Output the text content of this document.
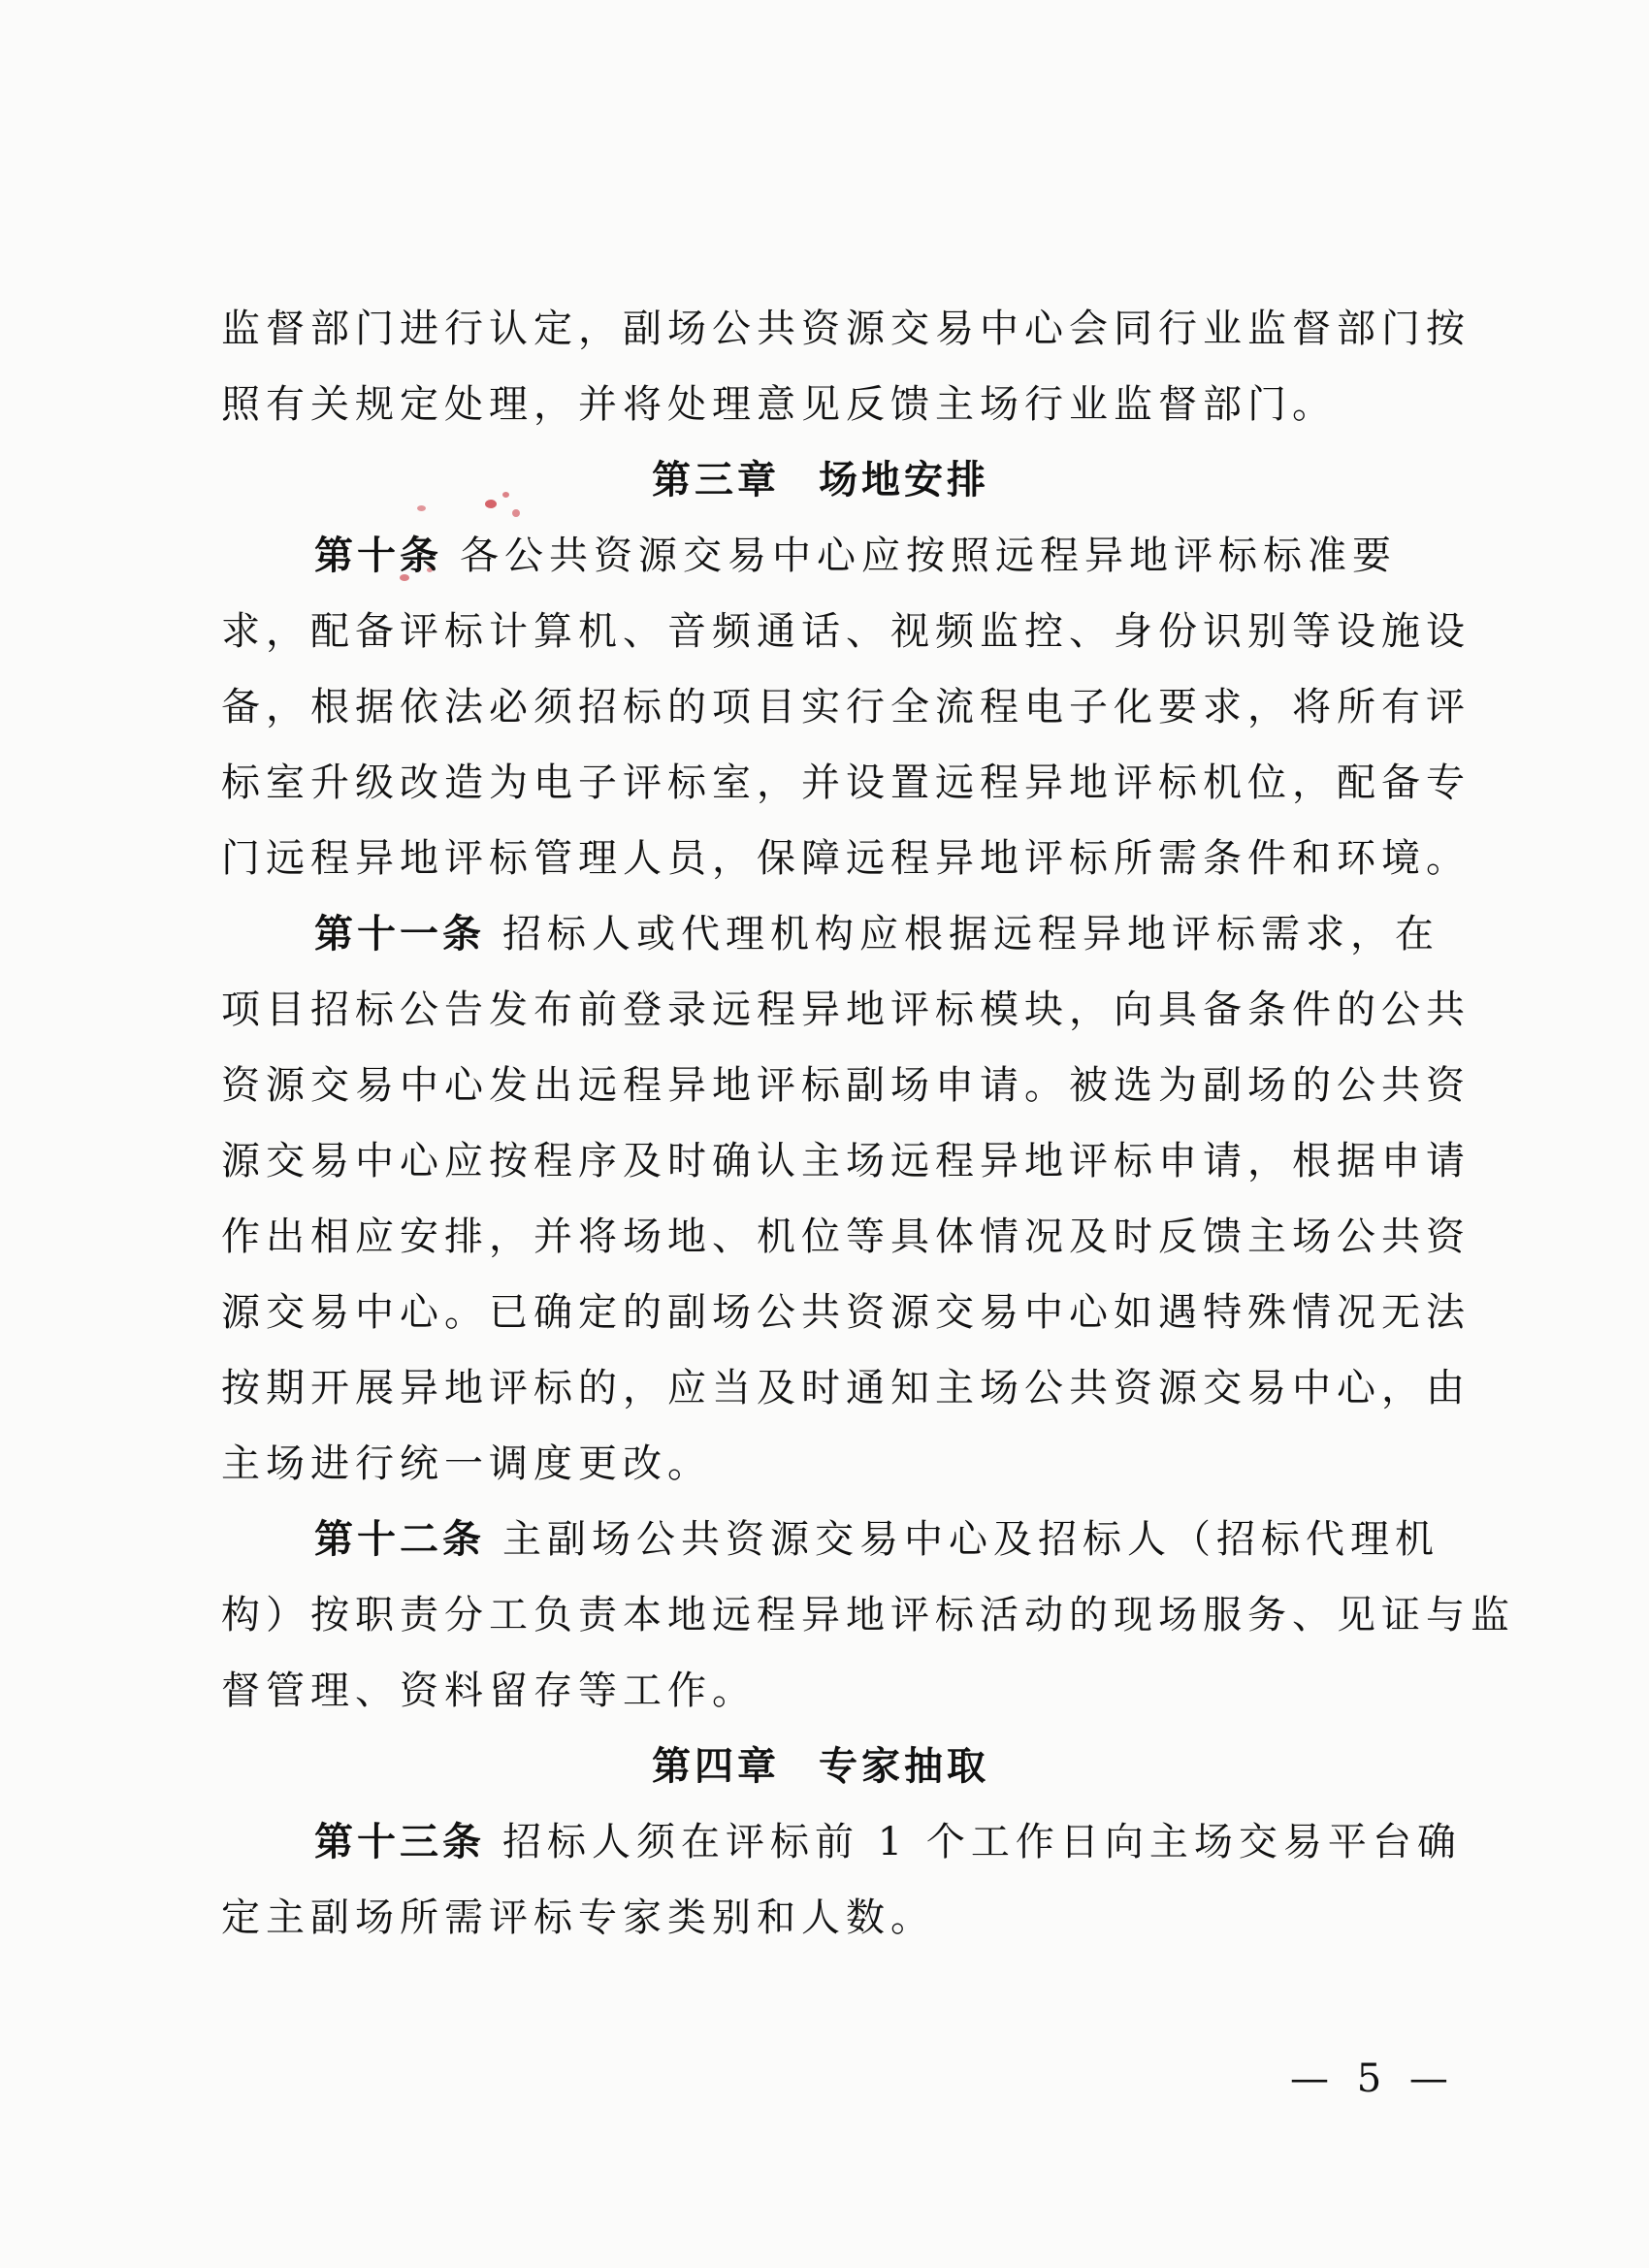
监督部门进行认定，副场公共资源交易中心会同行业监督部门按
照有关规定处理，并将处理意见反馈主场行业监督部门。
第三章 场地安排
第十条 各公共资源交易中心应按照远程异地评标标准要
求，配备评标计算机、音频通话、视频监控、身份识别等设施设
备，根据依法必须招标的项目实行全流程电子化要求，将所有评
标室升级改造为电子评标室，并设置远程异地评标机位，配备专
门远程异地评标管理人员，保障远程异地评标所需条件和环境。
第十一条 招标人或代理机构应根据远程异地评标需求，在
项目招标公告发布前登录远程异地评标模块，向具备条件的公共
资源交易中心发出远程异地评标副场申请。被选为副场的公共资
源交易中心应按程序及时确认主场远程异地评标申请，根据申请
作出相应安排，并将场地、机位等具体情况及时反馈主场公共资
源交易中心。已确定的副场公共资源交易中心如遇特殊情况无法
按期开展异地评标的，应当及时通知主场公共资源交易中心，由
主场进行统一调度更改。
第十二条 主副场公共资源交易中心及招标人（招标代理机
构）按职责分工负责本地远程异地评标活动的现场服务、见证与监
督管理、资料留存等工作。
第四章 专家抽取
第十三条 招标人须在评标前 1 个工作日向主场交易平台确
定主副场所需评标专家类别和人数。
— 5 —
